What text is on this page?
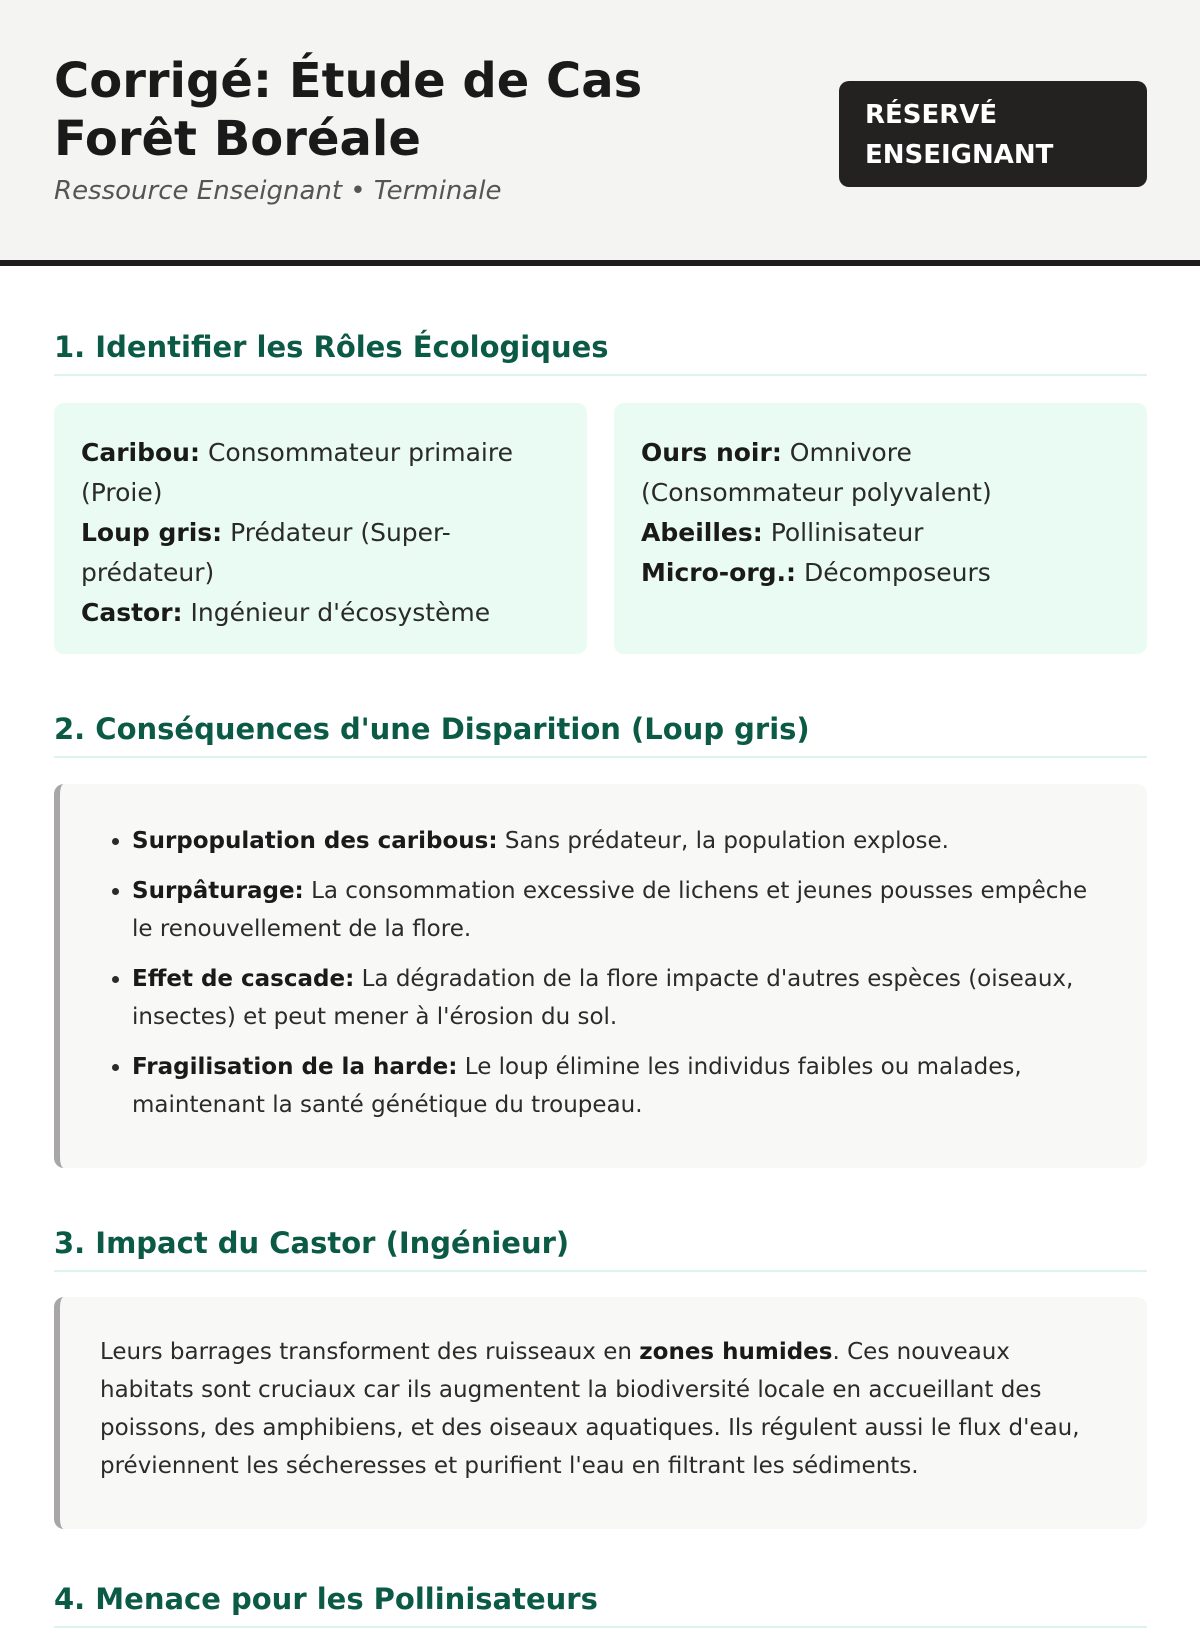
Corrigé: Étude de Cas Forêt Boréale

Ressource Enseignant • Terminale

RÉSERVÉ ENSEIGNANT
1. Identifier les Rôles Écologiques
Caribou: Consommateur primaire (Proie)
Loup gris: Prédateur (Super-prédateur)
Castor: Ingénieur d'écosystème
Ours noir: Omnivore (Consommateur polyvalent)
Abeilles: Pollinisateur
Micro-org.: Décomposeurs
2. Conséquences d'une Disparition (Loup gris)
• Surpopulation des caribous: Sans prédateur, la population explose.
• Surpâturage: La consommation excessive de lichens et jeunes pousses empêche le renouvellement de la flore.
• Effet de cascade: La dégradation de la flore impacte d'autres espèces (oiseaux, insectes) et peut mener à l'érosion du sol.
• Fragilisation de la harde: Le loup élimine les individus faibles ou malades, maintenant la santé génétique du troupeau.
3. Impact du Castor (Ingénieur)

Leurs barrages transforment des ruisseaux en zones humides. Ces nouveaux habitats sont cruciaux car ils augmentent la biodiversité locale en accueillant des poissons, des amphibiens, et des oiseaux aquatiques. Ils régulent aussi le flux d'eau, préviennent les sécheresses et purifient l'eau en filtrant les sédiments.

4. Menace pour les Pollinisateurs
